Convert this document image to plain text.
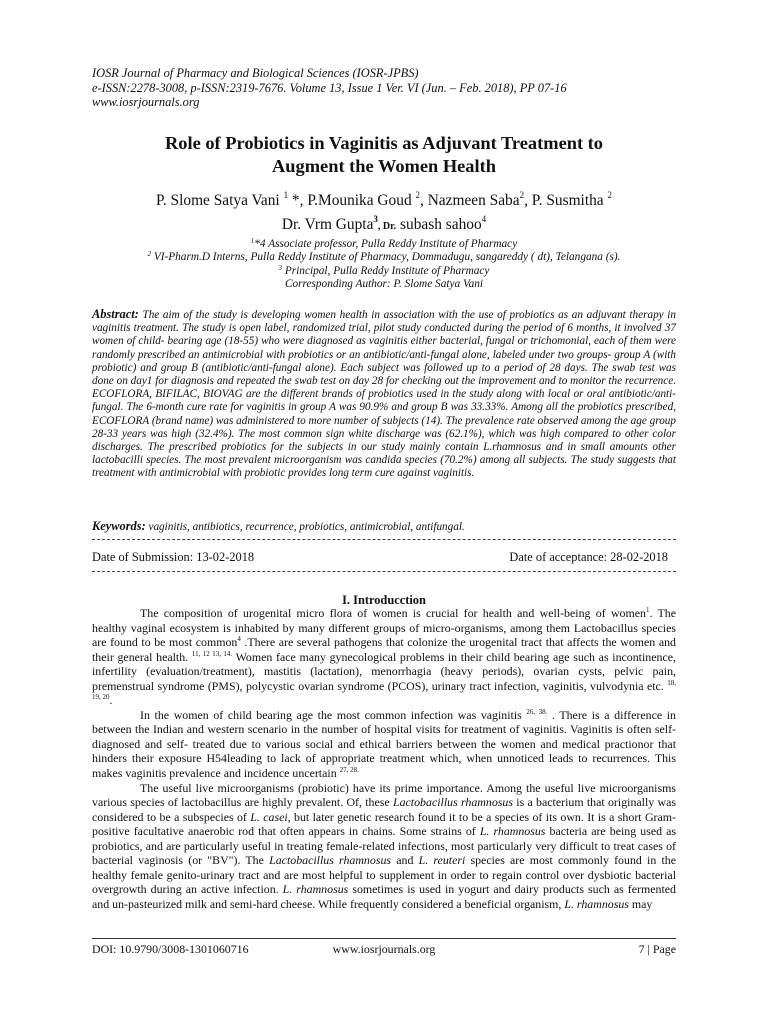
IOSR Journal of Pharmacy and Biological Sciences (IOSR-JPBS)
e-ISSN:2278-3008, p-ISSN:2319-7676. Volume 13, Issue 1 Ver. VI (Jun. – Feb. 2018), PP 07-16
www.iosrjournals.org
Role of Probiotics in Vaginitis as Adjuvant Treatment to
Augment the Women Health
P. Slome Satya Vani $^1$ *, P.Mounika Goud $^2$, Nazmeen Saba$^2$, P. Susmitha $^2$
Dr. Vrm Gupta$^3$, Dr. subash sahoo$^4$
$^1$*4 Associate professor, Pulla Reddy Institute of Pharmacy
$^2$ VI-Pharm.D Interns, Pulla Reddy Institute of Pharmacy, Dommadugu, sangareddy ( dt), Telangana (s).
$^3$ Principal, Pulla Reddy Institute of Pharmacy
Corresponding Author: P. Slome Satya Vani
Abstract: The aim of the study is developing women health in association with the use of probiotics as an adjuvant therapy in vaginitis treatment. The study is open label, randomized trial, pilot study conducted during the period of 6 months, it involved 37 women of child- bearing age (18-55) who were diagnosed as vaginitis either bacterial, fungal or trichomonial, each of them were randomly prescribed an antimicrobial with probiotics or an antibiotic/anti-fungal alone, labeled under two groups- group A (with probiotic) and group B (antibiotic/anti-fungal alone). Each subject was followed up to a period of 28 days. The swab test was done on day1 for diagnosis and repeated the swab test on day 28 for checking out the improvement and to monitor the recurrence. ECOFLORA, BIFILAC, BIOVAG are the different brands of probiotics used in the study along with local or oral antibiotic/anti-fungal. The 6-month cure rate for vaginitis in group A was 90.9% and group B was 33.33%. Among all the probiotics prescribed, ECOFLORA (brand name) was administered to more number of subjects (14). The prevalence rate observed among the age group 28-33 years was high (32.4%). The most common sign white discharge was (62.1%), which was high compared to other color discharges. The prescribed probiotics for the subjects in our study mainly contain L.rhamnosus and in small amounts other lactobacilli species. The most prevalent microorganism was candida species (70.2%) among all subjects. The study suggests that treatment with antimicrobial with probiotic provides long term cure against vaginitis.
Keywords: vaginitis, antibiotics, recurrence, probiotics, antimicrobial, antifungal.
Date of Submission: 13-02-2018	Date of acceptance: 28-02-2018
I. Introducction

The composition of urogenital micro flora of women is crucial for health and well-being of women$^1$. The healthy vaginal ecosystem is inhabited by many different groups of micro-organisms, among them Lactobacillus species are found to be most common$^4$ .There are several pathogens that colonize the urogenital tract that affects the women and their general health. $^{11, 12 13, 14.}$ Women face many gynecological problems in their child bearing age such as incontinence, infertility (evaluation/treatment), mastitis (lactation), menorrhagia (heavy periods), ovarian cysts, pelvic pain, premenstrual syndrome (PMS), polycystic ovarian syndrome (PCOS), urinary tract infection, vaginitis, vulvodynia etc. $^{18, 19, 20}$.

In the women of child bearing age the most common infection was vaginitis $^{26, 38.}$ . There is a difference in between the Indian and western scenario in the number of hospital visits for treatment of vaginitis. Vaginitis is often self- diagnosed and self- treated due to various social and ethical barriers between the women and medical practionor that hinders their exposure H54leading to lack of appropriate treatment which, when unnoticed leads to recurrences. This makes vaginitis prevalence and incidence uncertain $^{27, 28.}$

The useful live microorganisms (probiotic) have its prime importance. Among the useful live microorganisms various species of lactobacillus are highly prevalent. Of, these Lactobacillus rhamnosus is a bacterium that originally was considered to be a subspecies of L. casei, but later genetic research found it to be a species of its own. It is a short Gram-positive facultative anaerobic rod that often appears in chains. Some strains of L. rhamnosus bacteria are being used as probiotics, and are particularly useful in treating female-related infections, most particularly very difficult to treat cases of bacterial vaginosis (or "BV"). The Lactobacillus rhamnosus and L. reuteri species are most commonly found in the healthy female genito-urinary tract and are most helpful to supplement in order to regain control over dysbiotic bacterial overgrowth during an active infection. L. rhamnosus sometimes is used in yogurt and dairy products such as fermented and un-pasteurized milk and semi-hard cheese. While frequently considered a beneficial organism, L. rhamnosus may

DOI: 10.9790/3008-1301060716	www.iosrjournals.org	7 | Page
